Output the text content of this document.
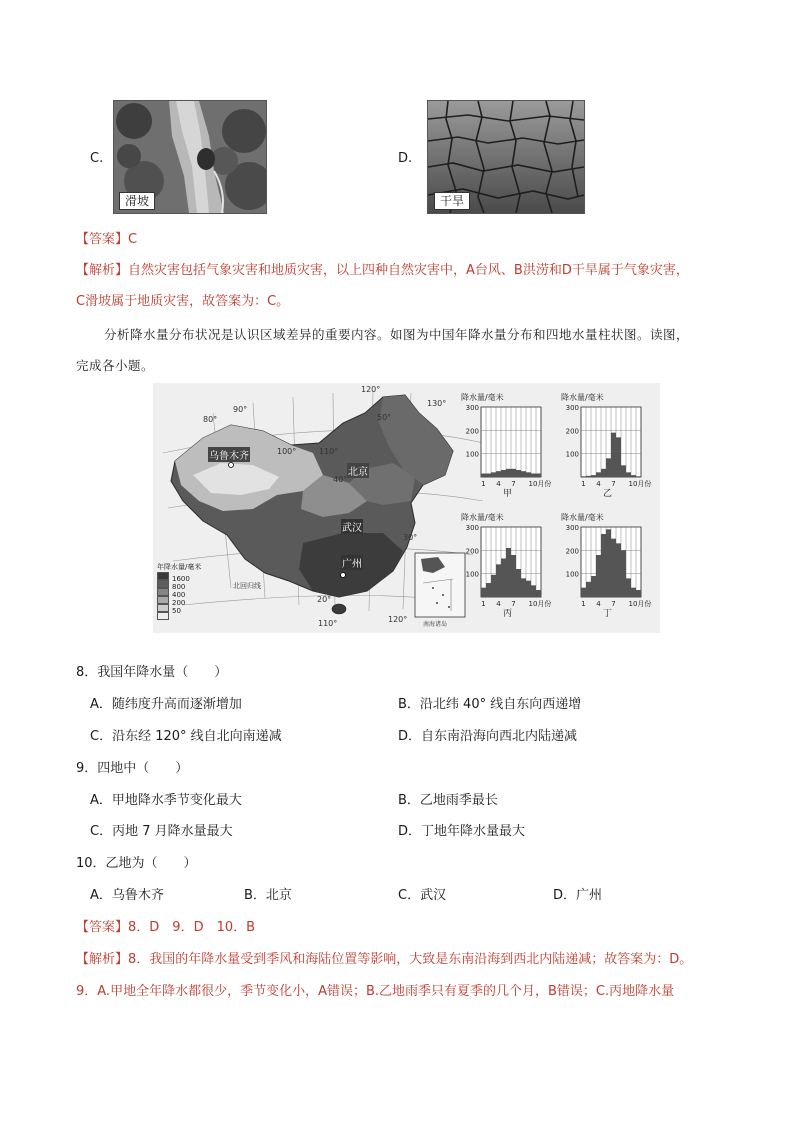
C.
滑坡
D.
干旱
【答案】C
【解析】自然灾害包括气象灾害和地质灾害，以上四种自然灾害中，A台风、B洪涝和D干旱属于气象灾害，
C滑坡属于地质灾害，故答案为：C。
分析降水量分布状况是认识区域差异的重要内容。如图为中国年降水量分布和四地水量柱状图。读图，
完成各小题。
乌鲁木齐
北京
武汉
广州
80°
90°
100°	110°
120°
130°
120°
110°
50°
40°
30°
20°
北回归线
南海诸岛
年降水量/毫米
1600
800
400
200
50
降水量/毫米
300
200
100
1 4 7 10月份
甲
降水量/毫米
300
200
100
1 4 7 10月份
乙
降水量/毫米
300
200
100
1 4 7 10月份
丙
降水量/毫米
300
200
100
1 4 7 10月份
丁
8．我国年降水量（　　）
A．随纬度升高而逐渐增加	B．沿北纬 40° 线自东向西递增
C．沿东经 120° 线自北向南递减	D．自东南沿海向西北内陆递减
9．四地中（　　）
A．甲地降水季节变化最大	B．乙地雨季最长
C．丙地 7 月降水量最大	D．丁地年降水量最大
10．乙地为（　　）
A．乌鲁木齐	B．北京	C．武汉	D．广州
【答案】8．D　9．D　10．B
【解析】8．我国的年降水量受到季风和海陆位置等影响，大致是东南沿海到西北内陆递减；故答案为：D。
9．A.甲地全年降水都很少，季节变化小，A错误；B.乙地雨季只有夏季的几个月，B错误；C.丙地降水量
